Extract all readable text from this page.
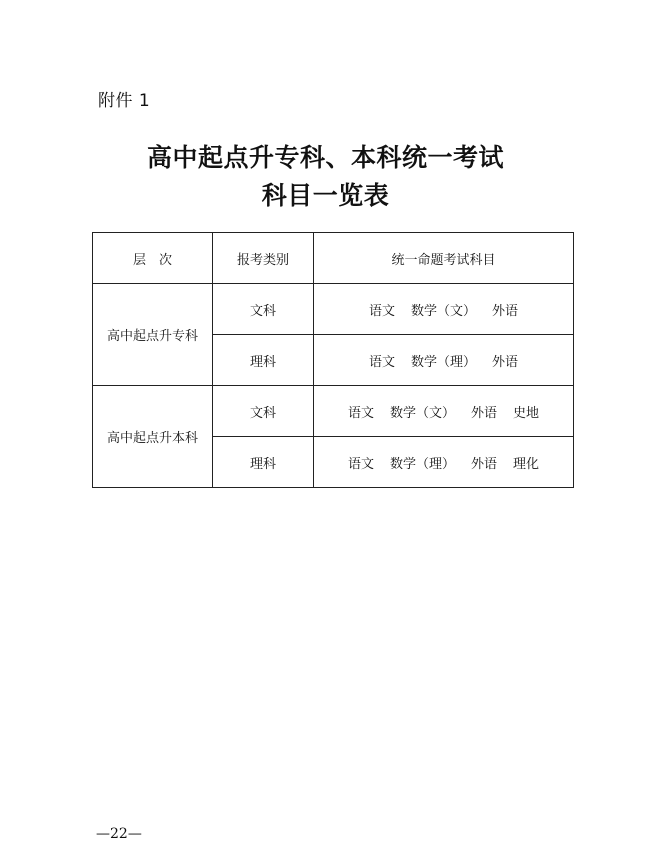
附件 1
高中起点升专科、本科统一考试
科目一览表
层　次	报考类别	统一命题考试科目
高中起点升专科	文科	语文 数学（文） 外语
	理科	语文 数学（理） 外语
高中起点升本科	文科	语文 数学（文） 外语 史地
	理科	语文 数学（理） 外语 理化
—22—
